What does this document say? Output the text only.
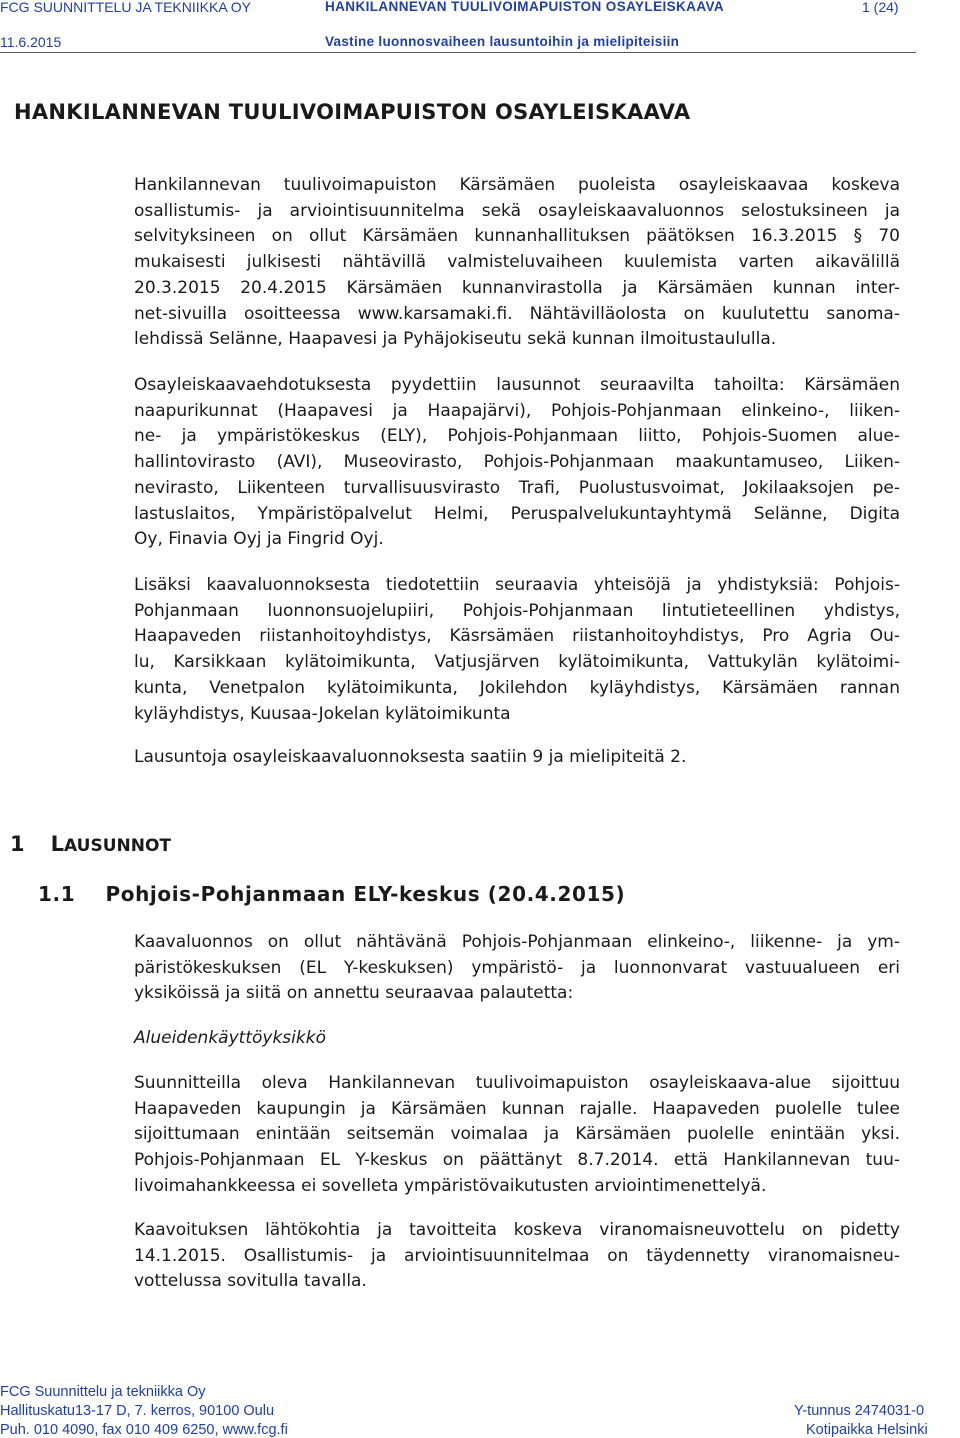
FCG SUUNNITTELU JA TEKNIIKKA OY	HANKILANNEVAN TUULIVOIMAPUISTON OSAYLEISKAAVA	1 (24)
11.6.2015	Vastine luonnosvaiheen lausuntoihin ja mielipiteisiin
HANKILANNEVAN TUULIVOIMAPUISTON OSAYLEISKAAVA
Hankilannevan tuulivoimapuiston Kärsämäen puoleista osayleiskaavaa koskeva
osallistumis- ja arviointisuunnitelma sekä osayleiskaavaluonnos selostuksineen ja
selvityksineen on ollut Kärsämäen kunnanhallituksen päätöksen 16.3.2015 § 70
mukaisesti julkisesti nähtävillä valmisteluvaiheen kuulemista varten aikavälillä
20.3.2015 20.4.2015 Kärsämäen kunnanvirastolla ja Kärsämäen kunnan inter-
net-sivuilla osoitteessa www.karsamaki.fi. Nähtävilläolosta on kuulutettu sanoma-
lehdissä Selänne, Haapavesi ja Pyhäjokiseutu sekä kunnan ilmoitustaululla.
Osayleiskaavaehdotuksesta pyydettiin lausunnot seuraavilta tahoilta: Kärsämäen
naapurikunnat (Haapavesi ja Haapajärvi), Pohjois-Pohjanmaan elinkeino-, liiken-
ne- ja ympäristökeskus (ELY), Pohjois-Pohjanmaan liitto, Pohjois-Suomen alue-
hallintovirasto (AVI), Museovirasto, Pohjois-Pohjanmaan maakuntamuseo, Liiken-
nevirasto, Liikenteen turvallisuusvirasto Trafi, Puolustusvoimat, Jokilaaksojen pe-
lastuslaitos, Ympäristöpalvelut Helmi, Peruspalvelukuntayhtymä Selänne, Digita
Oy, Finavia Oyj ja Fingrid Oyj.
Lisäksi kaavaluonnoksesta tiedotettiin seuraavia yhteisöjä ja yhdistyksiä: Pohjois-
Pohjanmaan luonnonsuojelupiiri, Pohjois-Pohjanmaan lintutieteellinen yhdistys,
Haapaveden riistanhoitoyhdistys, Käsrsämäen riistanhoitoyhdistys, Pro Agria Ou-
lu, Karsikkaan kylätoimikunta, Vatjusjärven kylätoimikunta, Vattukylän kylätoimi-
kunta, Venetpalon kylätoimikunta, Jokilehdon kyläyhdistys, Kärsämäen rannan
kyläyhdistys, Kuusaa-Jokelan kylätoimikunta
Lausuntoja osayleiskaavaluonnoksesta saatiin 9 ja mielipiteitä 2.
1 LAUSUNNOT
1.1    Pohjois-Pohjanmaan ELY-keskus (20.4.2015)
Kaavaluonnos on ollut nähtävänä Pohjois-Pohjanmaan elinkeino-, liikenne- ja ym-
päristökeskuksen (EL Y-keskuksen) ympäristö- ja luonnonvarat vastuualueen eri
yksiköissä ja siitä on annettu seuraavaa palautetta:
Alueidenkäyttöyksikkö
Suunnitteilla oleva Hankilannevan tuulivoimapuiston osayleiskaava-alue sijoittuu
Haapaveden kaupungin ja Kärsämäen kunnan rajalle. Haapaveden puolelle tulee
sijoittumaan enintään seitsemän voimalaa ja Kärsämäen puolelle enintään yksi.
Pohjois-Pohjanmaan EL Y-keskus on päättänyt 8.7.2014. että Hankilannevan tuu-
livoimahankkeessa ei sovelleta ympäristövaikutusten arviointimenettelyä.
Kaavoituksen lähtökohtia ja tavoitteita koskeva viranomaisneuvottelu on pidetty
14.1.2015. Osallistumis- ja arviointisuunnitelmaa on täydennetty viranomaisneu-
vottelussa sovitulla tavalla.
FCG Suunnittelu ja tekniikka Oy
Hallituskatu13-17 D, 7. kerros, 90100 Oulu
Puh. 010 4090, fax 010 409 6250, www.fcg.fi
Y-tunnus 2474031-0
Kotipaikka Helsinki
